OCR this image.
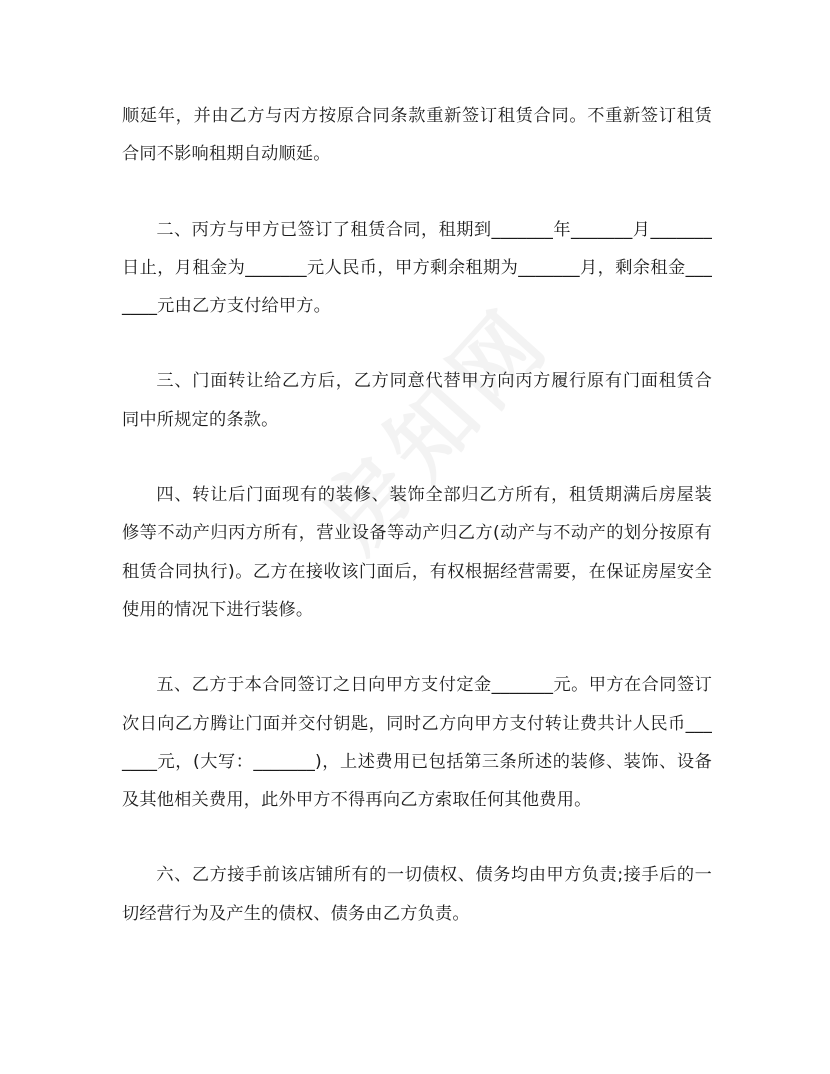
顺延年，并由乙方与丙方按原合同条款重新签订租赁合同。不重新签订租赁合同不影响租期自动顺延。

二、丙方与甲方已签订了租赁合同，租期到_______年_______月_______日止，月租金为_______元人民币，甲方剩余租期为_______月，剩余租金_______元由乙方支付给甲方。

三、门面转让给乙方后，乙方同意代替甲方向丙方履行原有门面租赁合同中所规定的条款。

四、转让后门面现有的装修、装饰全部归乙方所有，租赁期满后房屋装修等不动产归丙方所有，营业设备等动产归乙方(动产与不动产的划分按原有租赁合同执行)。乙方在接收该门面后，有权根据经营需要，在保证房屋安全使用的情况下进行装修。

五、乙方于本合同签订之日向甲方支付定金_______元。甲方在合同签订次日向乙方腾让门面并交付钥匙，同时乙方向甲方支付转让费共计人民币_______元，(大写：_______)，上述费用已包括第三条所述的装修、装饰、设备及其他相关费用，此外甲方不得再向乙方索取任何其他费用。

六、乙方接手前该店铺所有的一切债权、债务均由甲方负责;接手后的一切经营行为及产生的债权、债务由乙方负责。
